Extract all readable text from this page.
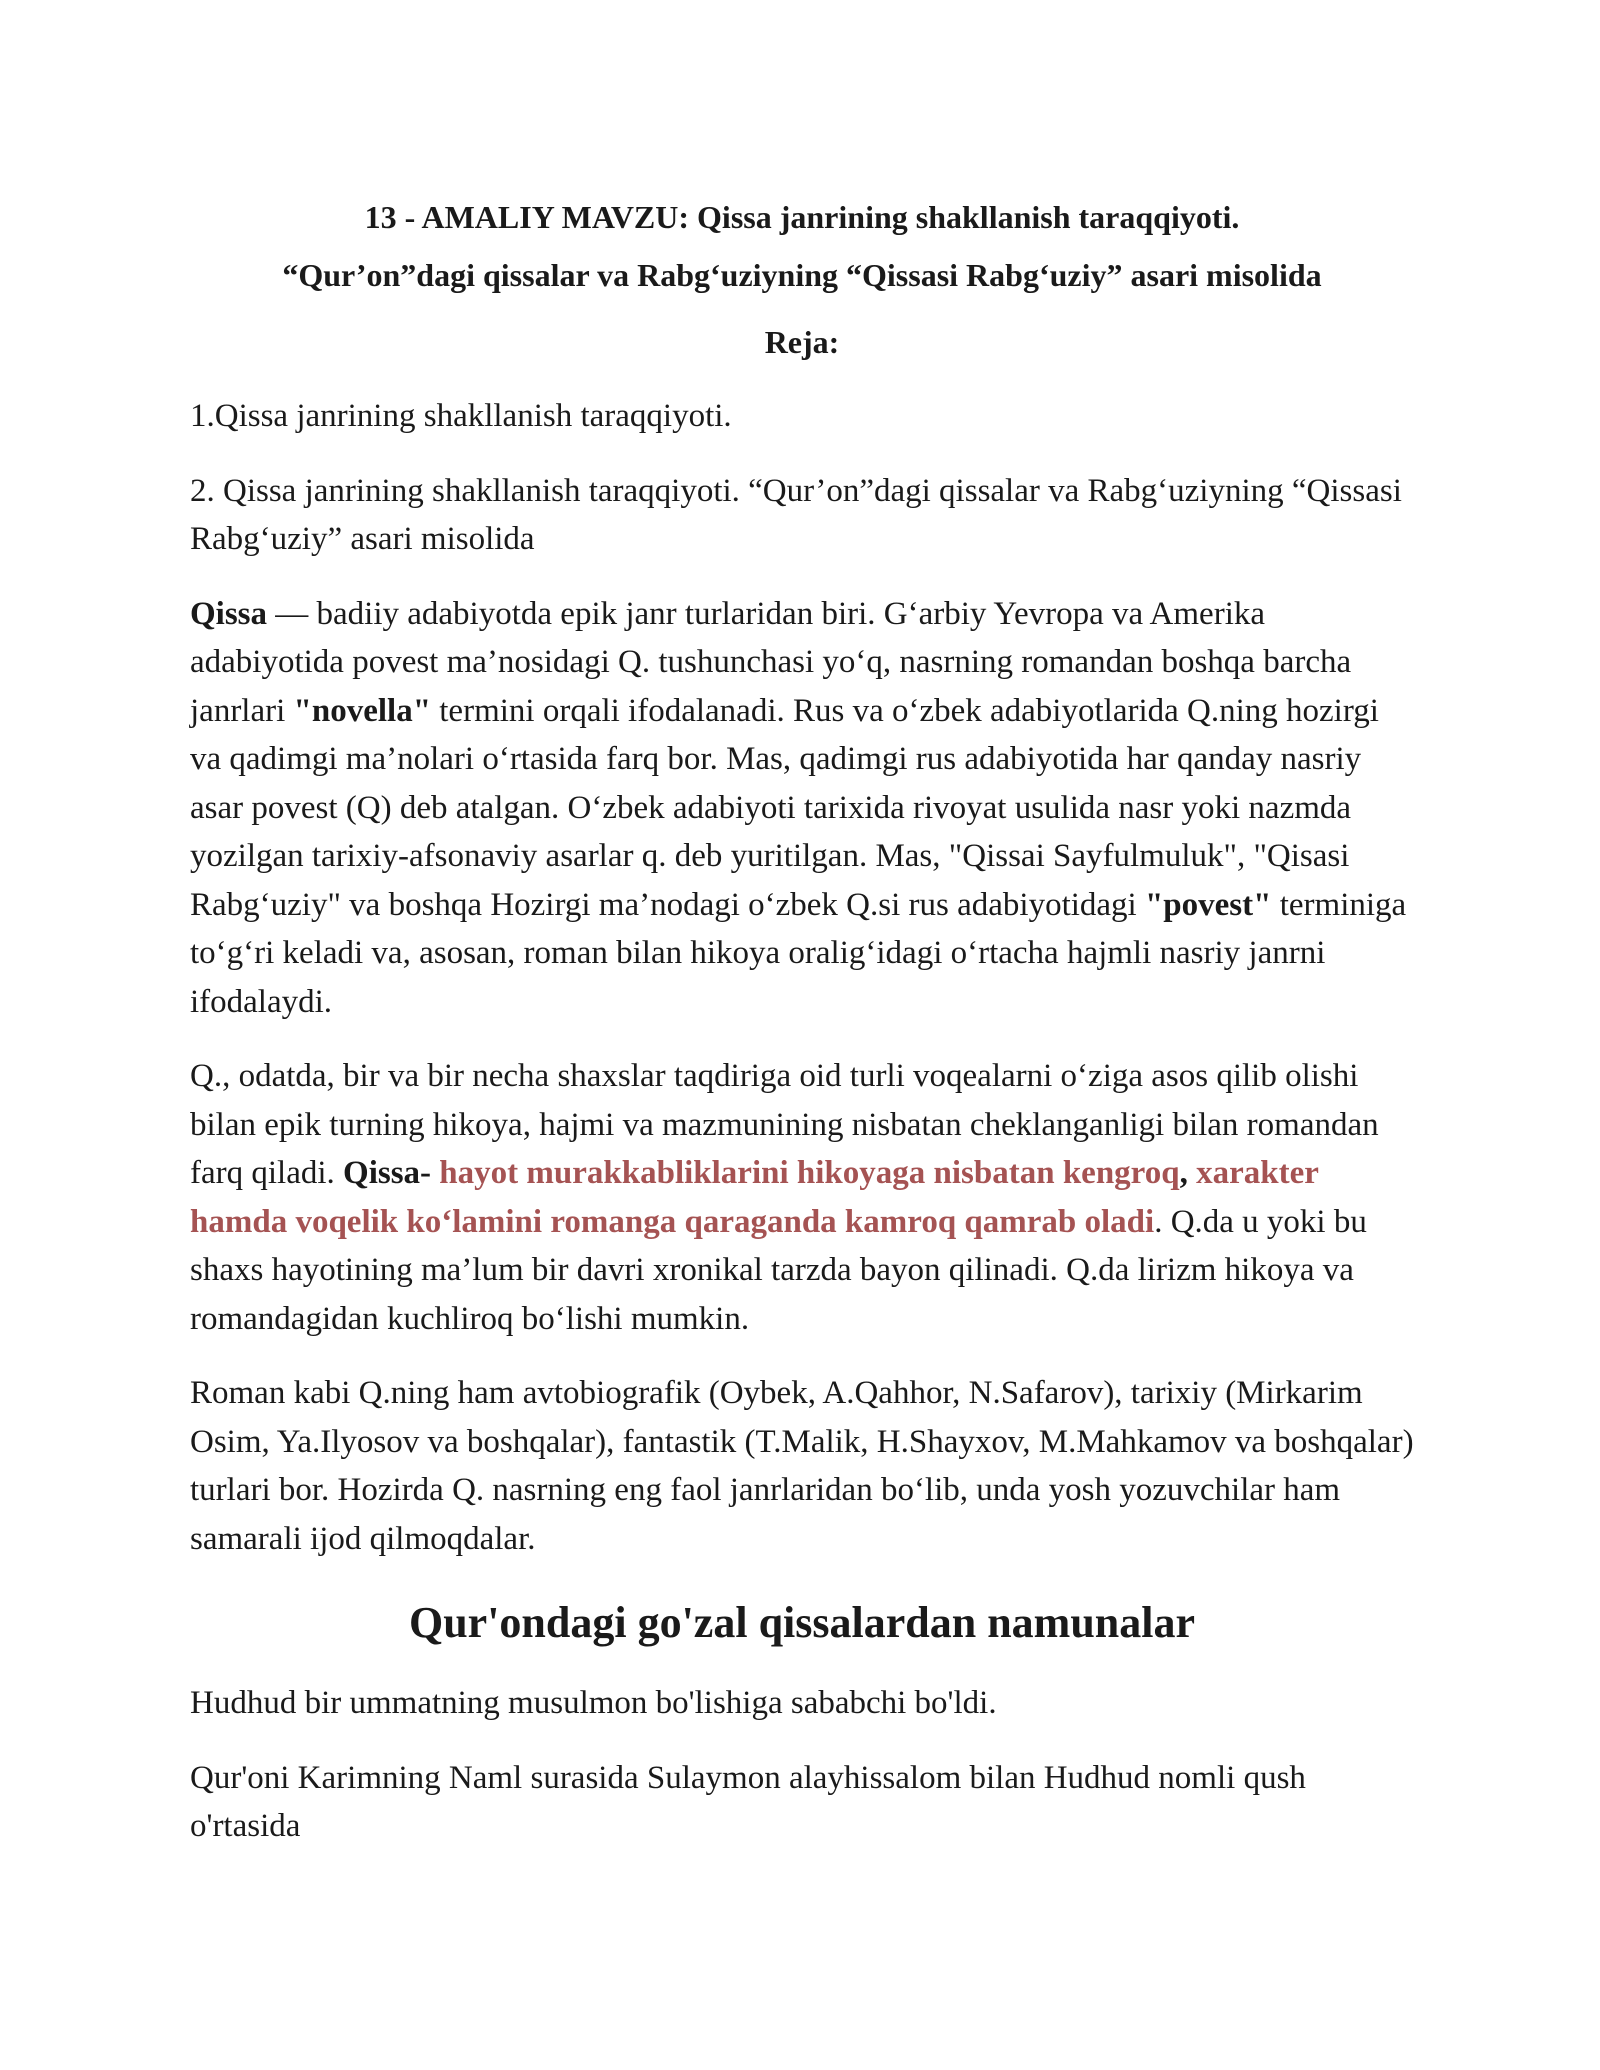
13 - AMALIY MAVZU: Qissa janrining shakllanish taraqqiyoti.
“Qur’on”dagi qissalar va Rabg‘uziyning “Qissasi Rabg‘uziy” asari misolida
Reja:

1.Qissa janrining shakllanish taraqqiyoti.

2. Qissa janrining shakllanish taraqqiyoti. “Qur’on”dagi qissalar va Rabg‘uziyning “Qissasi Rabg‘uziy” asari misolida

Qissa — badiiy adabiyotda epik janr turlaridan biri. G‘arbiy Yevropa va Amerika adabiyotida povest ma’nosidagi Q. tushunchasi yo‘q, nasrning romandan boshqa barcha janrlari "novella" termini orqali ifodalanadi. Rus va o‘zbek adabiyotlarida Q.ning hozirgi va qadimgi ma’nolari o‘rtasida farq bor. Mas, qadimgi rus adabiyotida har qanday nasriy asar povest (Q) deb atalgan. O‘zbek adabiyoti tarixida rivoyat usulida nasr yoki nazmda yozilgan tarixiy-afsonaviy asarlar q. deb yuritilgan. Mas, "Qissai Sayfulmuluk", "Qisasi Rabg‘uziy" va boshqa Hozirgi ma’nodagi o‘zbek Q.si rus adabiyotidagi "povest" terminiga to‘g‘ri keladi va, asosan, roman bilan hikoya oralig‘idagi o‘rtacha hajmli nasriy janrni ifodalaydi.

Q., odatda, bir va bir necha shaxslar taqdiriga oid turli voqealarni o‘ziga asos qilib olishi bilan epik turning hikoya, hajmi va mazmunining nisbatan cheklanganligi bilan romandan farq qiladi. Qissa- hayot murakkabliklarini hikoyaga nisbatan kengroq, xarakter hamda voqelik ko‘lamini romanga qaraganda kamroq qamrab oladi. Q.da u yoki bu shaxs hayotining ma’lum bir davri xronikal tarzda bayon qilinadi. Q.da lirizm hikoya va romandagidan kuchliroq bo‘lishi mumkin.

Roman kabi Q.ning ham avtobiografik (Oybek, A.Qahhor, N.Safarov), tarixiy (Mirkarim Osim, Ya.Ilyosov va boshqalar), fantastik (T.Malik, H.Shayxov, M.Mahkamov va boshqalar) turlari bor. Hozirda Q. nasrning eng faol janrlaridan bo‘lib, unda yosh yozuvchilar ham samarali ijod qilmoqdalar.

Qur'ondagi go'zal qissalardan namunalar

Hudhud bir ummatning musulmon bo'lishiga sababchi bo'ldi.

Qur'oni Karimning Naml surasida Sulaymon alayhissalom bilan Hudhud nomli qush o'rtasida
